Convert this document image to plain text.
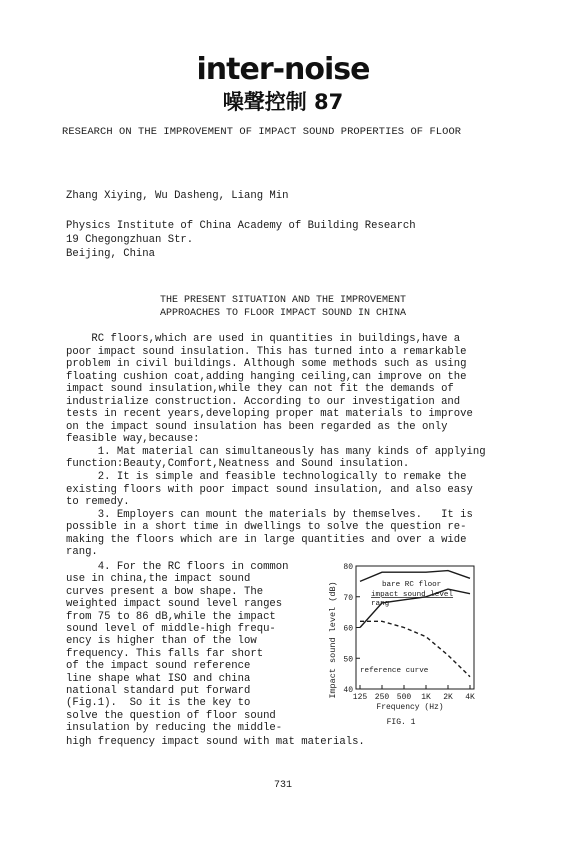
inter-noise
噪聲控制 87
RESEARCH ON THE IMPROVEMENT OF IMPACT SOUND PROPERTIES OF FLOOR
Zhang Xiying, Wu Dasheng, Liang Min
Physics Institute of China Academy of Building Research
19 Chegongzhuan Str.
Beijing, China
THE PRESENT SITUATION AND THE IMPROVEMENT
APPROACHES TO FLOOR IMPACT SOUND IN CHINA
RC floors,which are used in quantities in buildings,have a
poor impact sound insulation. This has turned into a remarkable
problem in civil buildings. Although some methods such as using
floating cushion coat,adding hanging ceiling,can improve on the
impact sound insulation,while they can not fit the demands of
industrialize construction. According to our investigation and
tests in recent years,developing proper mat materials to improve
on the impact sound insulation has been regarded as the only
feasible way,because:
1. Mat material can simultaneously has many kinds of applying
function:Beauty,Comfort,Neatness and Sound insulation.
2. It is simple and feasible technologically to remake the
existing floors with poor impact sound insulation, and also easy
to remedy.
3. Employers can mount the materials by themselves.   It is
possible in a short time in dwellings to solve the question re-
making the floors which are in large quantities and over a wide
rang.
4. For the RC floors in common
use in china,the impact sound
curves present a bow shape. The
weighted impact sound level ranges
from 75 to 86 dB,while the impact
sound level of middle-high frequ-
ency is higher than of the low
frequency. This falls far short
of the impact sound reference
line shape what ISO and china
national standard put forward
(Fig.1).  So it is the key to
solve the question of floor sound
insulation by reducing the middle-
high frequency impact sound with mat materials.
40
50
60
70
80
125 250 500 1K 2K 4K
Impact sound level (dB)
Frequency (Hz)
FIG. 1
bare RC floor
impact sound level
rang
reference curve
731
